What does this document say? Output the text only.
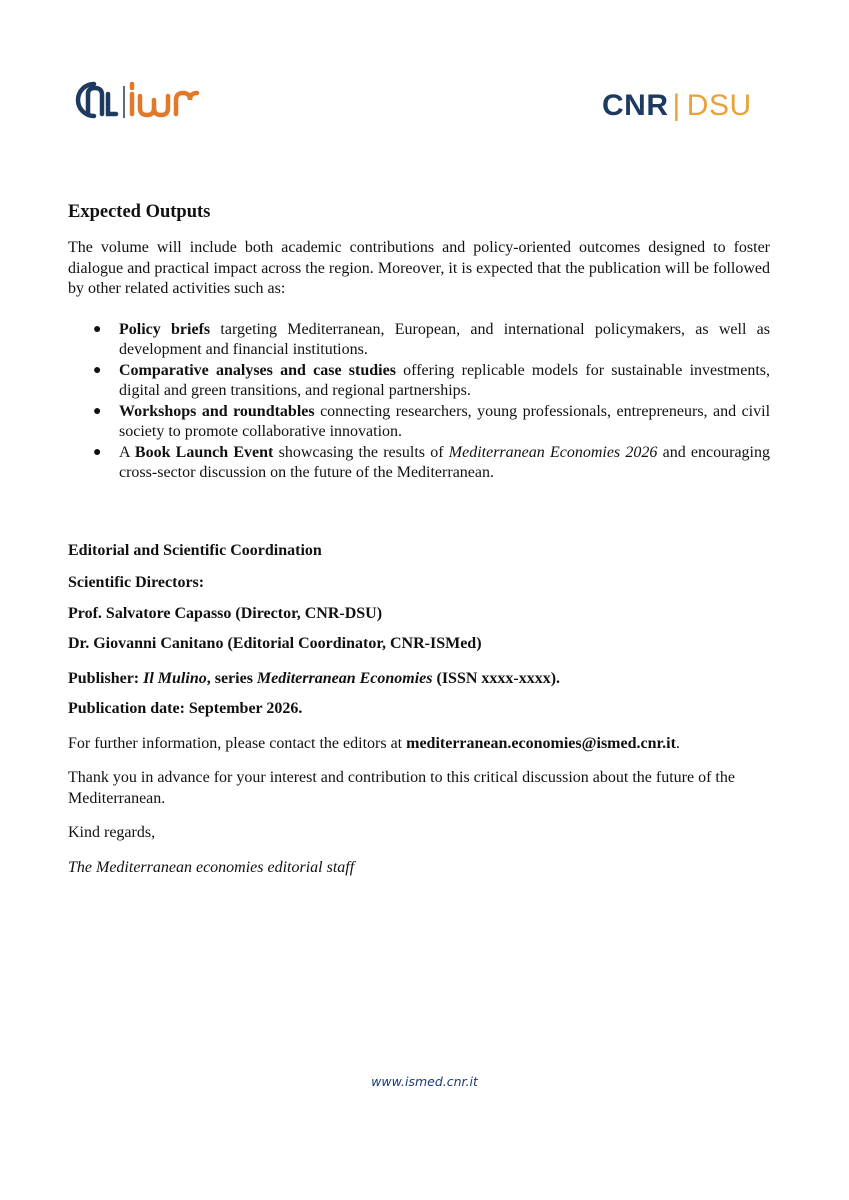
CNR | DSU
Expected Outputs

The volume will include both academic contributions and policy-oriented outcomes designed to foster dialogue and practical impact across the region. Moreover, it is expected that the publication will be followed by other related activities such as:

● Policy briefs targeting Mediterranean, European, and international policymakers, as well as development and financial institutions.
● Comparative analyses and case studies offering replicable models for sustainable investments, digital and green transitions, and regional partnerships.
● Workshops and roundtables connecting researchers, young professionals, entrepreneurs, and civil society to promote collaborative innovation.
● A Book Launch Event showcasing the results of Mediterranean Economies 2026 and encouraging cross-sector discussion on the future of the Mediterranean.

Editorial and Scientific Coordination

Scientific Directors:

Prof. Salvatore Capasso (Director, CNR-DSU)

Dr. Giovanni Canitano (Editorial Coordinator, CNR-ISMed)

Publisher: Il Mulino, series Mediterranean Economies (ISSN xxxx-xxxx).

Publication date: September 2026.

For further information, please contact the editors at mediterranean.economies@ismed.cnr.it.

Thank you in advance for your interest and contribution to this critical discussion about the future of the Mediterranean.

Kind regards,

The Mediterranean economies editorial staff

www.ismed.cnr.it
